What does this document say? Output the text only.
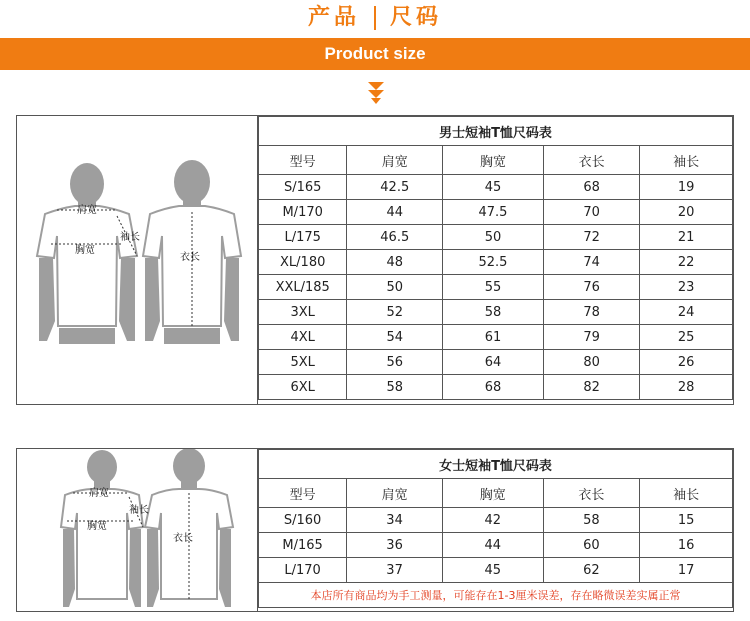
产品 尺码
Product size
肩宽
胸宽
袖长
衣长
男士短袖T恤尺码表				
型号	肩宽	胸宽	衣长	袖长
S/165	42.5	45	68	19
M/170	44	47.5	70	20
L/175	46.5	50	72	21
XL/180	48	52.5	74	22
XXL/185	50	55	76	23
3XL	52	58	78	24
4XL	54	61	79	25
5XL	56	64	80	26
6XL	58	68	82	28
肩宽
胸宽
袖长
衣长
女士短袖T恤尺码表				
型号	肩宽	胸宽	衣长	袖长
S/160	34	42	58	15
M/165	36	44	60	16
L/170	37	45	62	17
本店所有商品均为手工测量，可能存在1-3厘米误差，存在略微误差实属正常				
